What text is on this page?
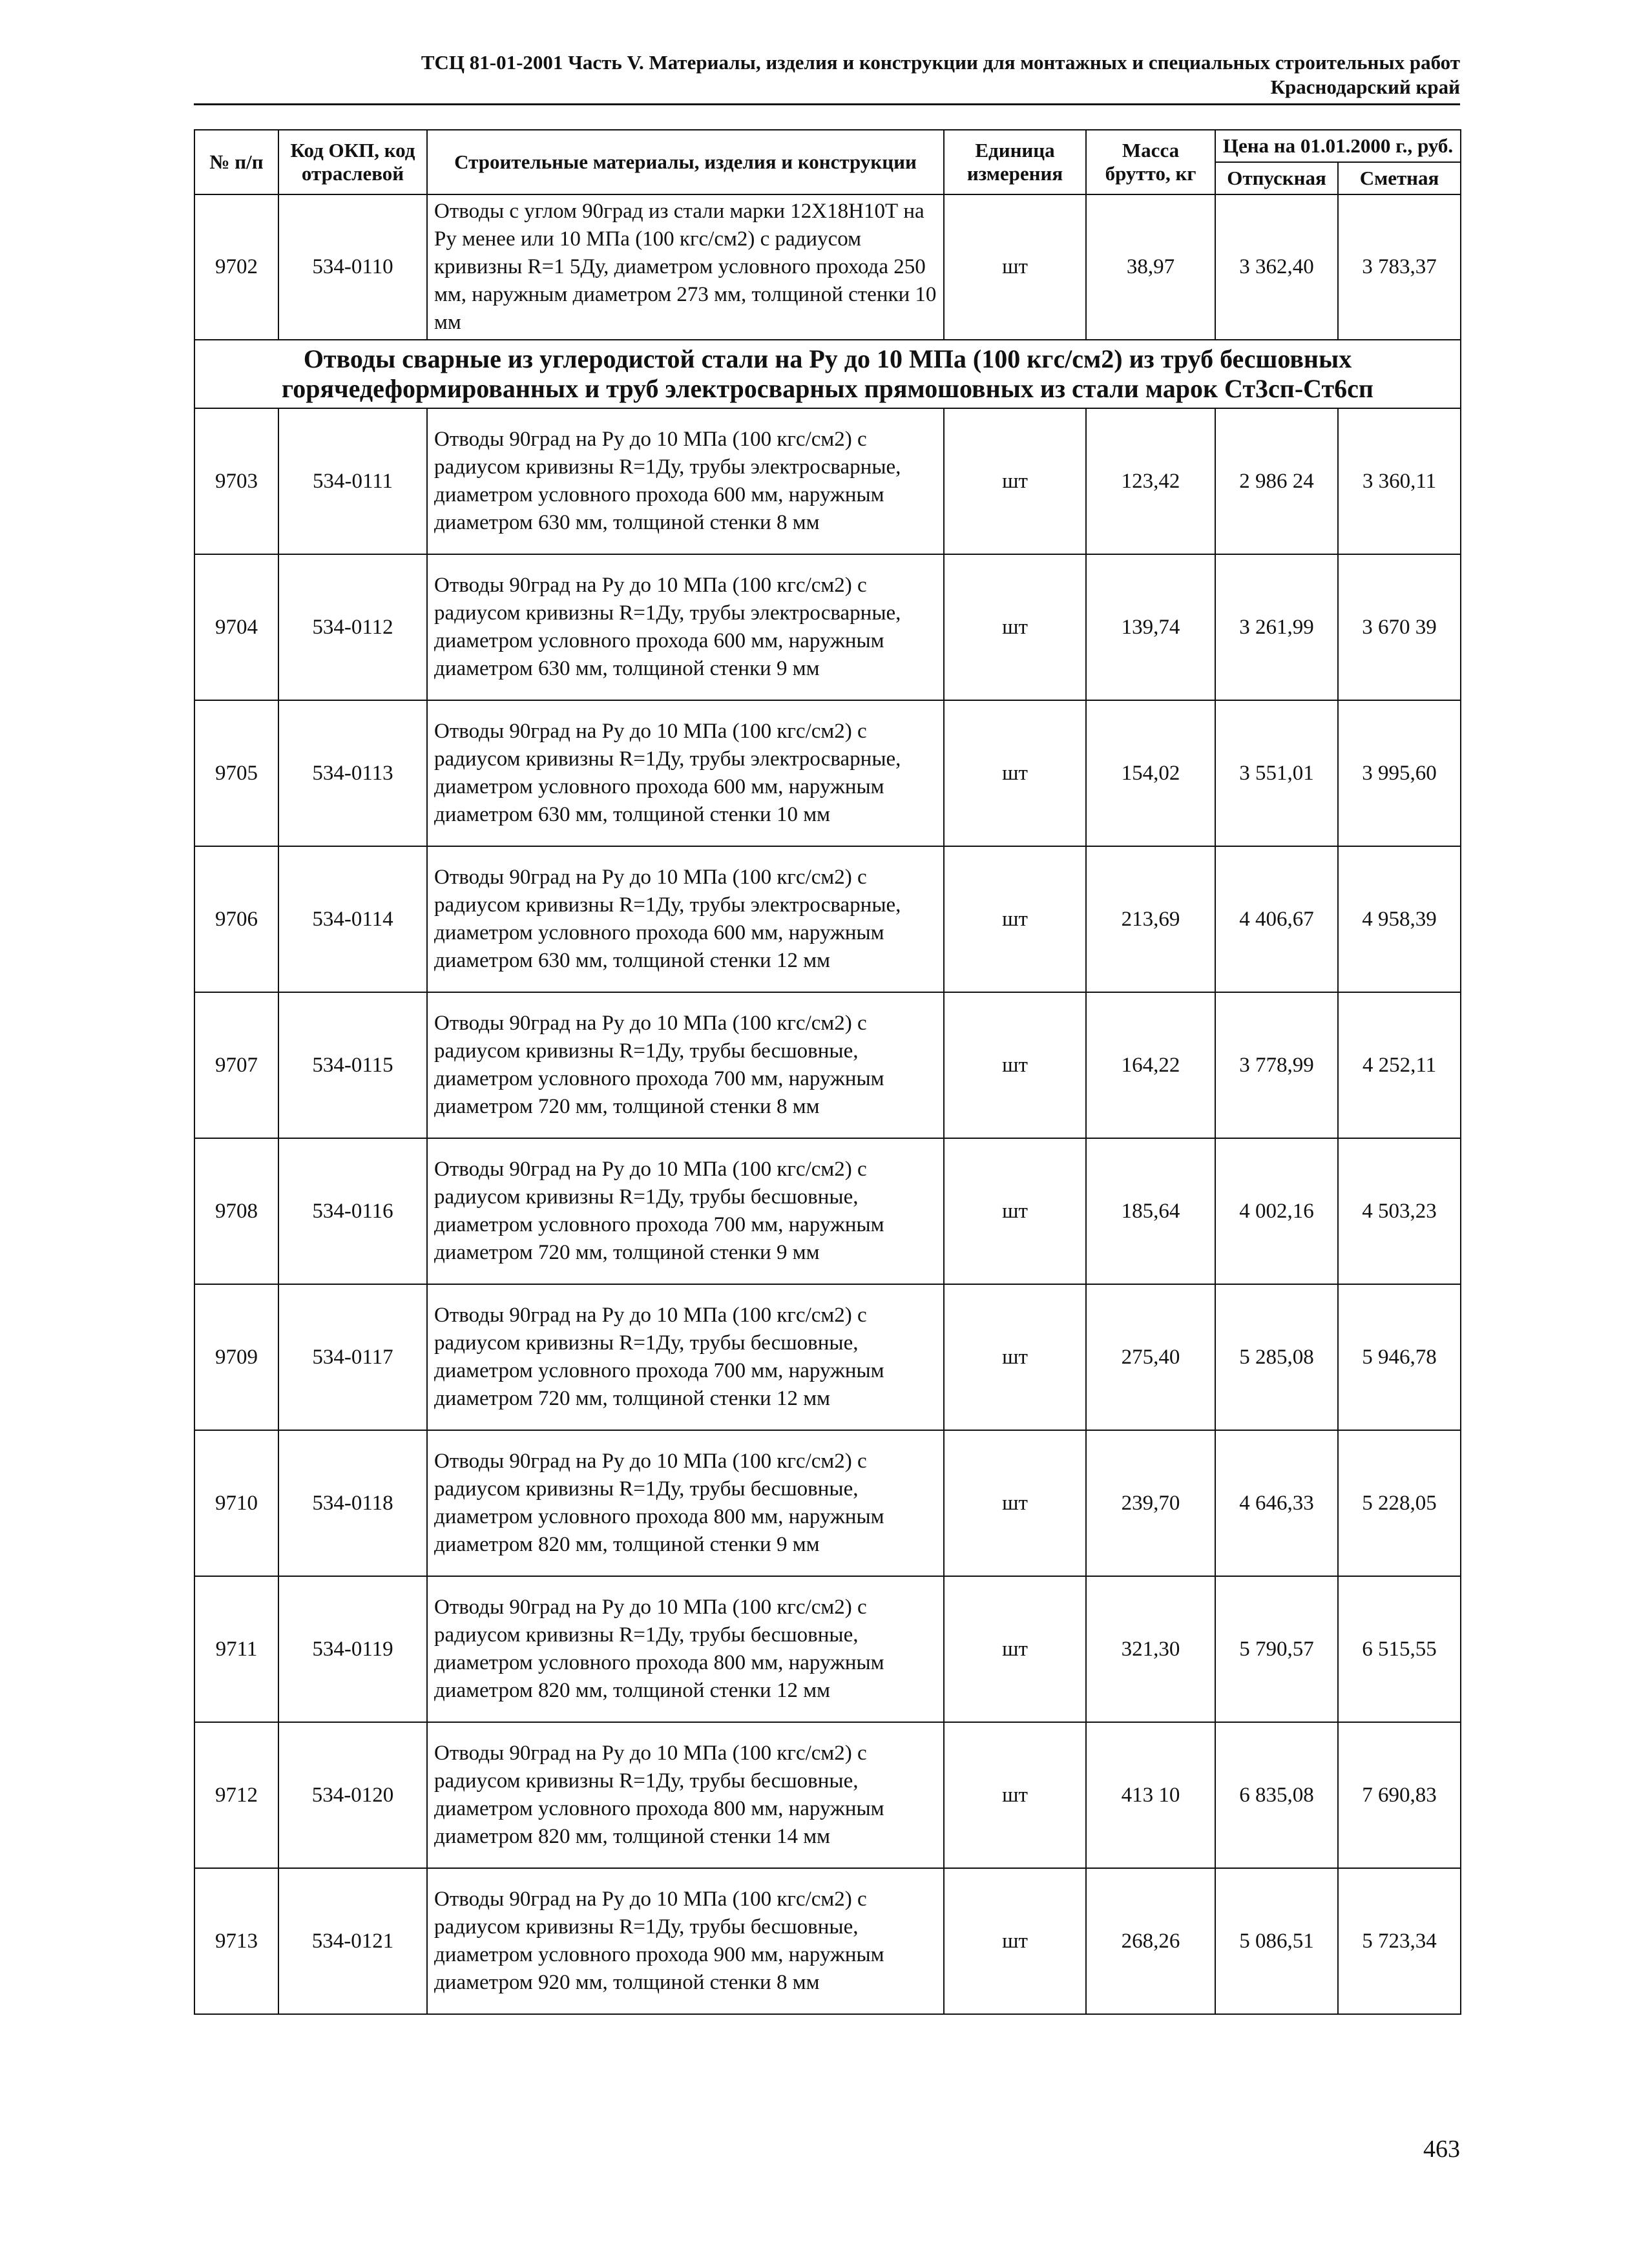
ТСЦ 81-01-2001 Часть V. Материалы, изделия и конструкции для монтажных и специальных строительных работ
Краснодарский край
№ п/п	Код ОКП, код отраслевой	Строительные материалы, изделия и конструкции	Единица измерения	Масса брутто, кг	Цена на 01.01.2000 г., руб.	
					Отпускная	Сметная
9702	534-0110	Отводы с углом 90град из стали марки 12Х18Н10Т на Ру менее или 10 МПа (100 кгс/см2) с радиусом кривизны R=1 5Ду, диаметром условного прохода 250 мм, наружным диаметром 273 мм, толщиной стенки 10 мм	шт	38,97	3 362,40	3 783,37
Отводы сварные из углеродистой стали на Ру до 10 МПа (100 кгс/см2) из труб бесшовных горячедеформированных и труб электросварных прямошовных из стали марок Ст3сп-Ст6сп						
9703	534-0111	Отводы 90град на Ру до 10 МПа (100 кгс/см2) с радиусом кривизны R=1Ду, трубы электросварные, диаметром условного прохода 600 мм, наружным диаметром 630 мм, толщиной стенки 8 мм	шт	123,42	2 986 24	3 360,11
9704	534-0112	Отводы 90град на Ру до 10 МПа (100 кгс/см2) с радиусом кривизны R=1Ду, трубы электросварные, диаметром условного прохода 600 мм, наружным диаметром 630 мм, толщиной стенки 9 мм	шт	139,74	3 261,99	3 670 39
9705	534-0113	Отводы 90град на Ру до 10 МПа (100 кгс/см2) с радиусом кривизны R=1Ду, трубы электросварные, диаметром условного прохода 600 мм, наружным диаметром 630 мм, толщиной стенки 10 мм	шт	154,02	3 551,01	3 995,60
9706	534-0114	Отводы 90град на Ру до 10 МПа (100 кгс/см2) с радиусом кривизны R=1Ду, трубы электросварные, диаметром условного прохода 600 мм, наружным диаметром 630 мм, толщиной стенки 12 мм	шт	213,69	4 406,67	4 958,39
9707	534-0115	Отводы 90град на Ру до 10 МПа (100 кгс/см2) с радиусом кривизны R=1Ду, трубы бесшовные, диаметром условного прохода 700 мм, наружным диаметром 720 мм, толщиной стенки 8 мм	шт	164,22	3 778,99	4 252,11
9708	534-0116	Отводы 90град на Ру до 10 МПа (100 кгс/см2) с радиусом кривизны R=1Ду, трубы бесшовные, диаметром условного прохода 700 мм, наружным диаметром 720 мм, толщиной стенки 9 мм	шт	185,64	4 002,16	4 503,23
9709	534-0117	Отводы 90град на Ру до 10 МПа (100 кгс/см2) с радиусом кривизны R=1Ду, трубы бесшовные, диаметром условного прохода 700 мм, наружным диаметром 720 мм, толщиной стенки 12 мм	шт	275,40	5 285,08	5 946,78
9710	534-0118	Отводы 90град на Ру до 10 МПа (100 кгс/см2) с радиусом кривизны R=1Ду, трубы бесшовные, диаметром условного прохода 800 мм, наружным диаметром 820 мм, толщиной стенки 9 мм	шт	239,70	4 646,33	5 228,05
9711	534-0119	Отводы 90град на Ру до 10 МПа (100 кгс/см2) с радиусом кривизны R=1Ду, трубы бесшовные, диаметром условного прохода 800 мм, наружным диаметром 820 мм, толщиной стенки 12 мм	шт	321,30	5 790,57	6 515,55
9712	534-0120	Отводы 90град на Ру до 10 МПа (100 кгс/см2) с радиусом кривизны R=1Ду, трубы бесшовные, диаметром условного прохода 800 мм, наружным диаметром 820 мм, толщиной стенки 14 мм	шт	413 10	6 835,08	7 690,83
9713	534-0121	Отводы 90град на Ру до 10 МПа (100 кгс/см2) с радиусом кривизны R=1Ду, трубы бесшовные, диаметром условного прохода 900 мм, наружным диаметром 920 мм, толщиной стенки 8 мм	шт	268,26	5 086,51	5 723,34
463
